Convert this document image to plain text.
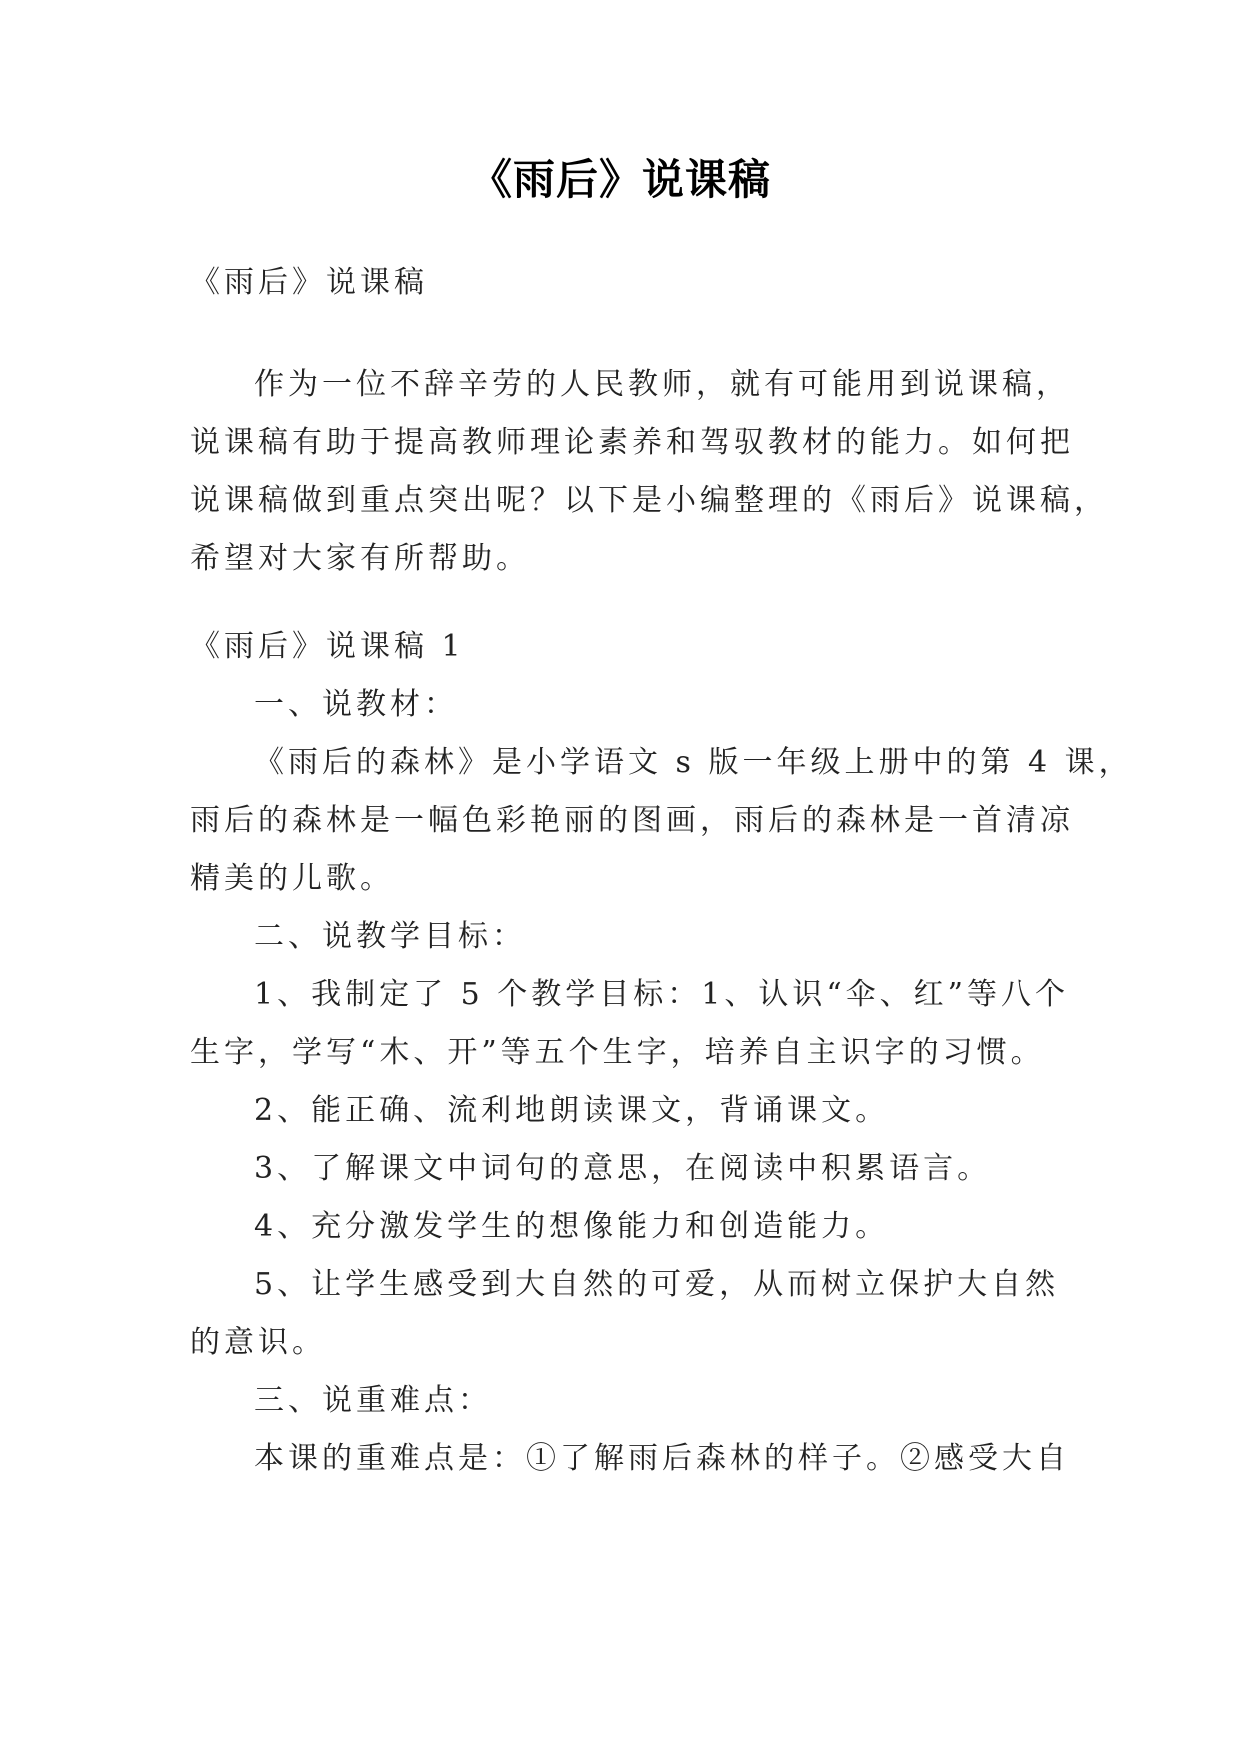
《雨后》说课稿
《雨后》说课稿
作为一位不辞辛劳的人民教师，就有可能用到说课稿，
说课稿有助于提高教师理论素养和驾驭教材的能力。如何把
说课稿做到重点突出呢？以下是小编整理的《雨后》说课稿，
希望对大家有所帮助。
《雨后》说课稿 1
一、说教材：
《雨后的森林》是小学语文 s 版一年级上册中的第 4 课，
雨后的森林是一幅色彩艳丽的图画，雨后的森林是一首清凉
精美的儿歌。
二、说教学目标：
1、我制定了 5 个教学目标：1、认识“伞、红”等八个
生字，学写“木、开”等五个生字，培养自主识字的习惯。
2、能正确、流利地朗读课文，背诵课文。
3、了解课文中词句的意思，在阅读中积累语言。
4、充分激发学生的想像能力和创造能力。
5、让学生感受到大自然的可爱，从而树立保护大自然
的意识。
三、说重难点：
本课的重难点是：①了解雨后森林的样子。②感受大自
